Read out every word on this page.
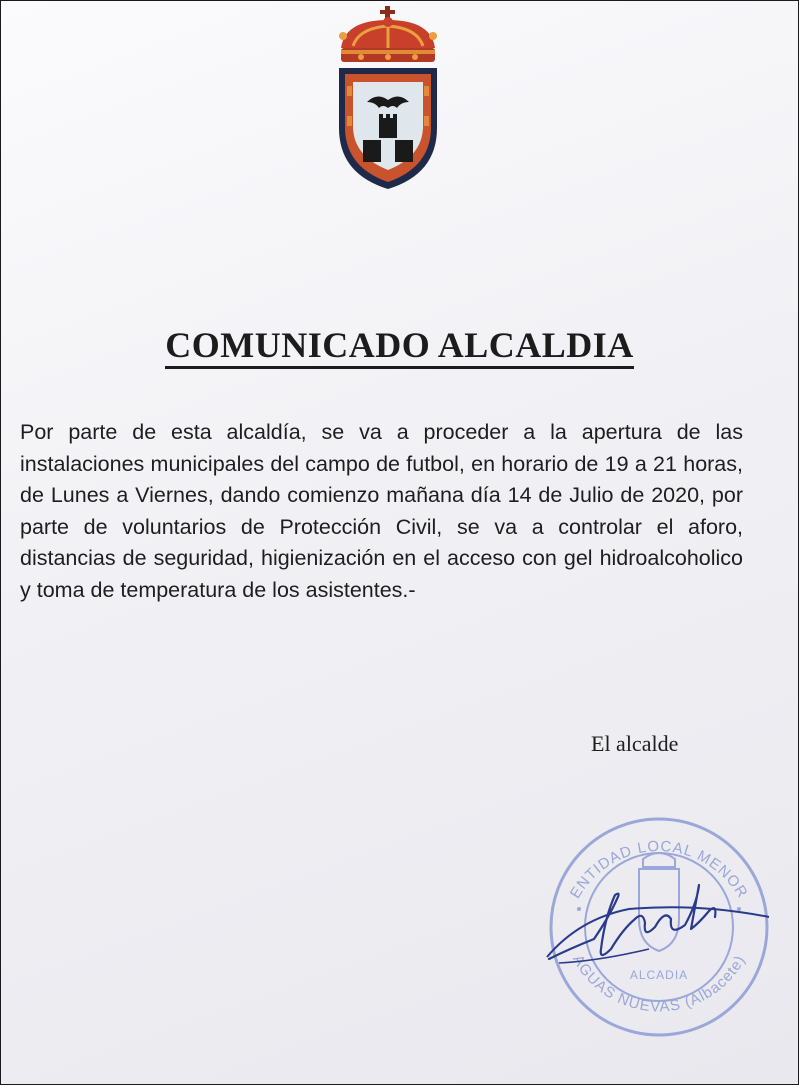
COMUNICADO ALCALDIA
Por parte de esta alcaldía, se va a proceder a la apertura de las instalaciones municipales del campo de futbol, en horario de 19 a 21 horas, de Lunes a Viernes, dando comienzo mañana día 14 de Julio de 2020, por parte de voluntarios de Protección Civil, se va a controlar el aforo, distancias de seguridad, higienización en el acceso con gel hidroalcoholico y toma de temperatura de los asistentes.-
El alcalde
ENTIDAD LOCAL MENOR
AGUAS NUEVAS (Albacete)
ALCADIA
